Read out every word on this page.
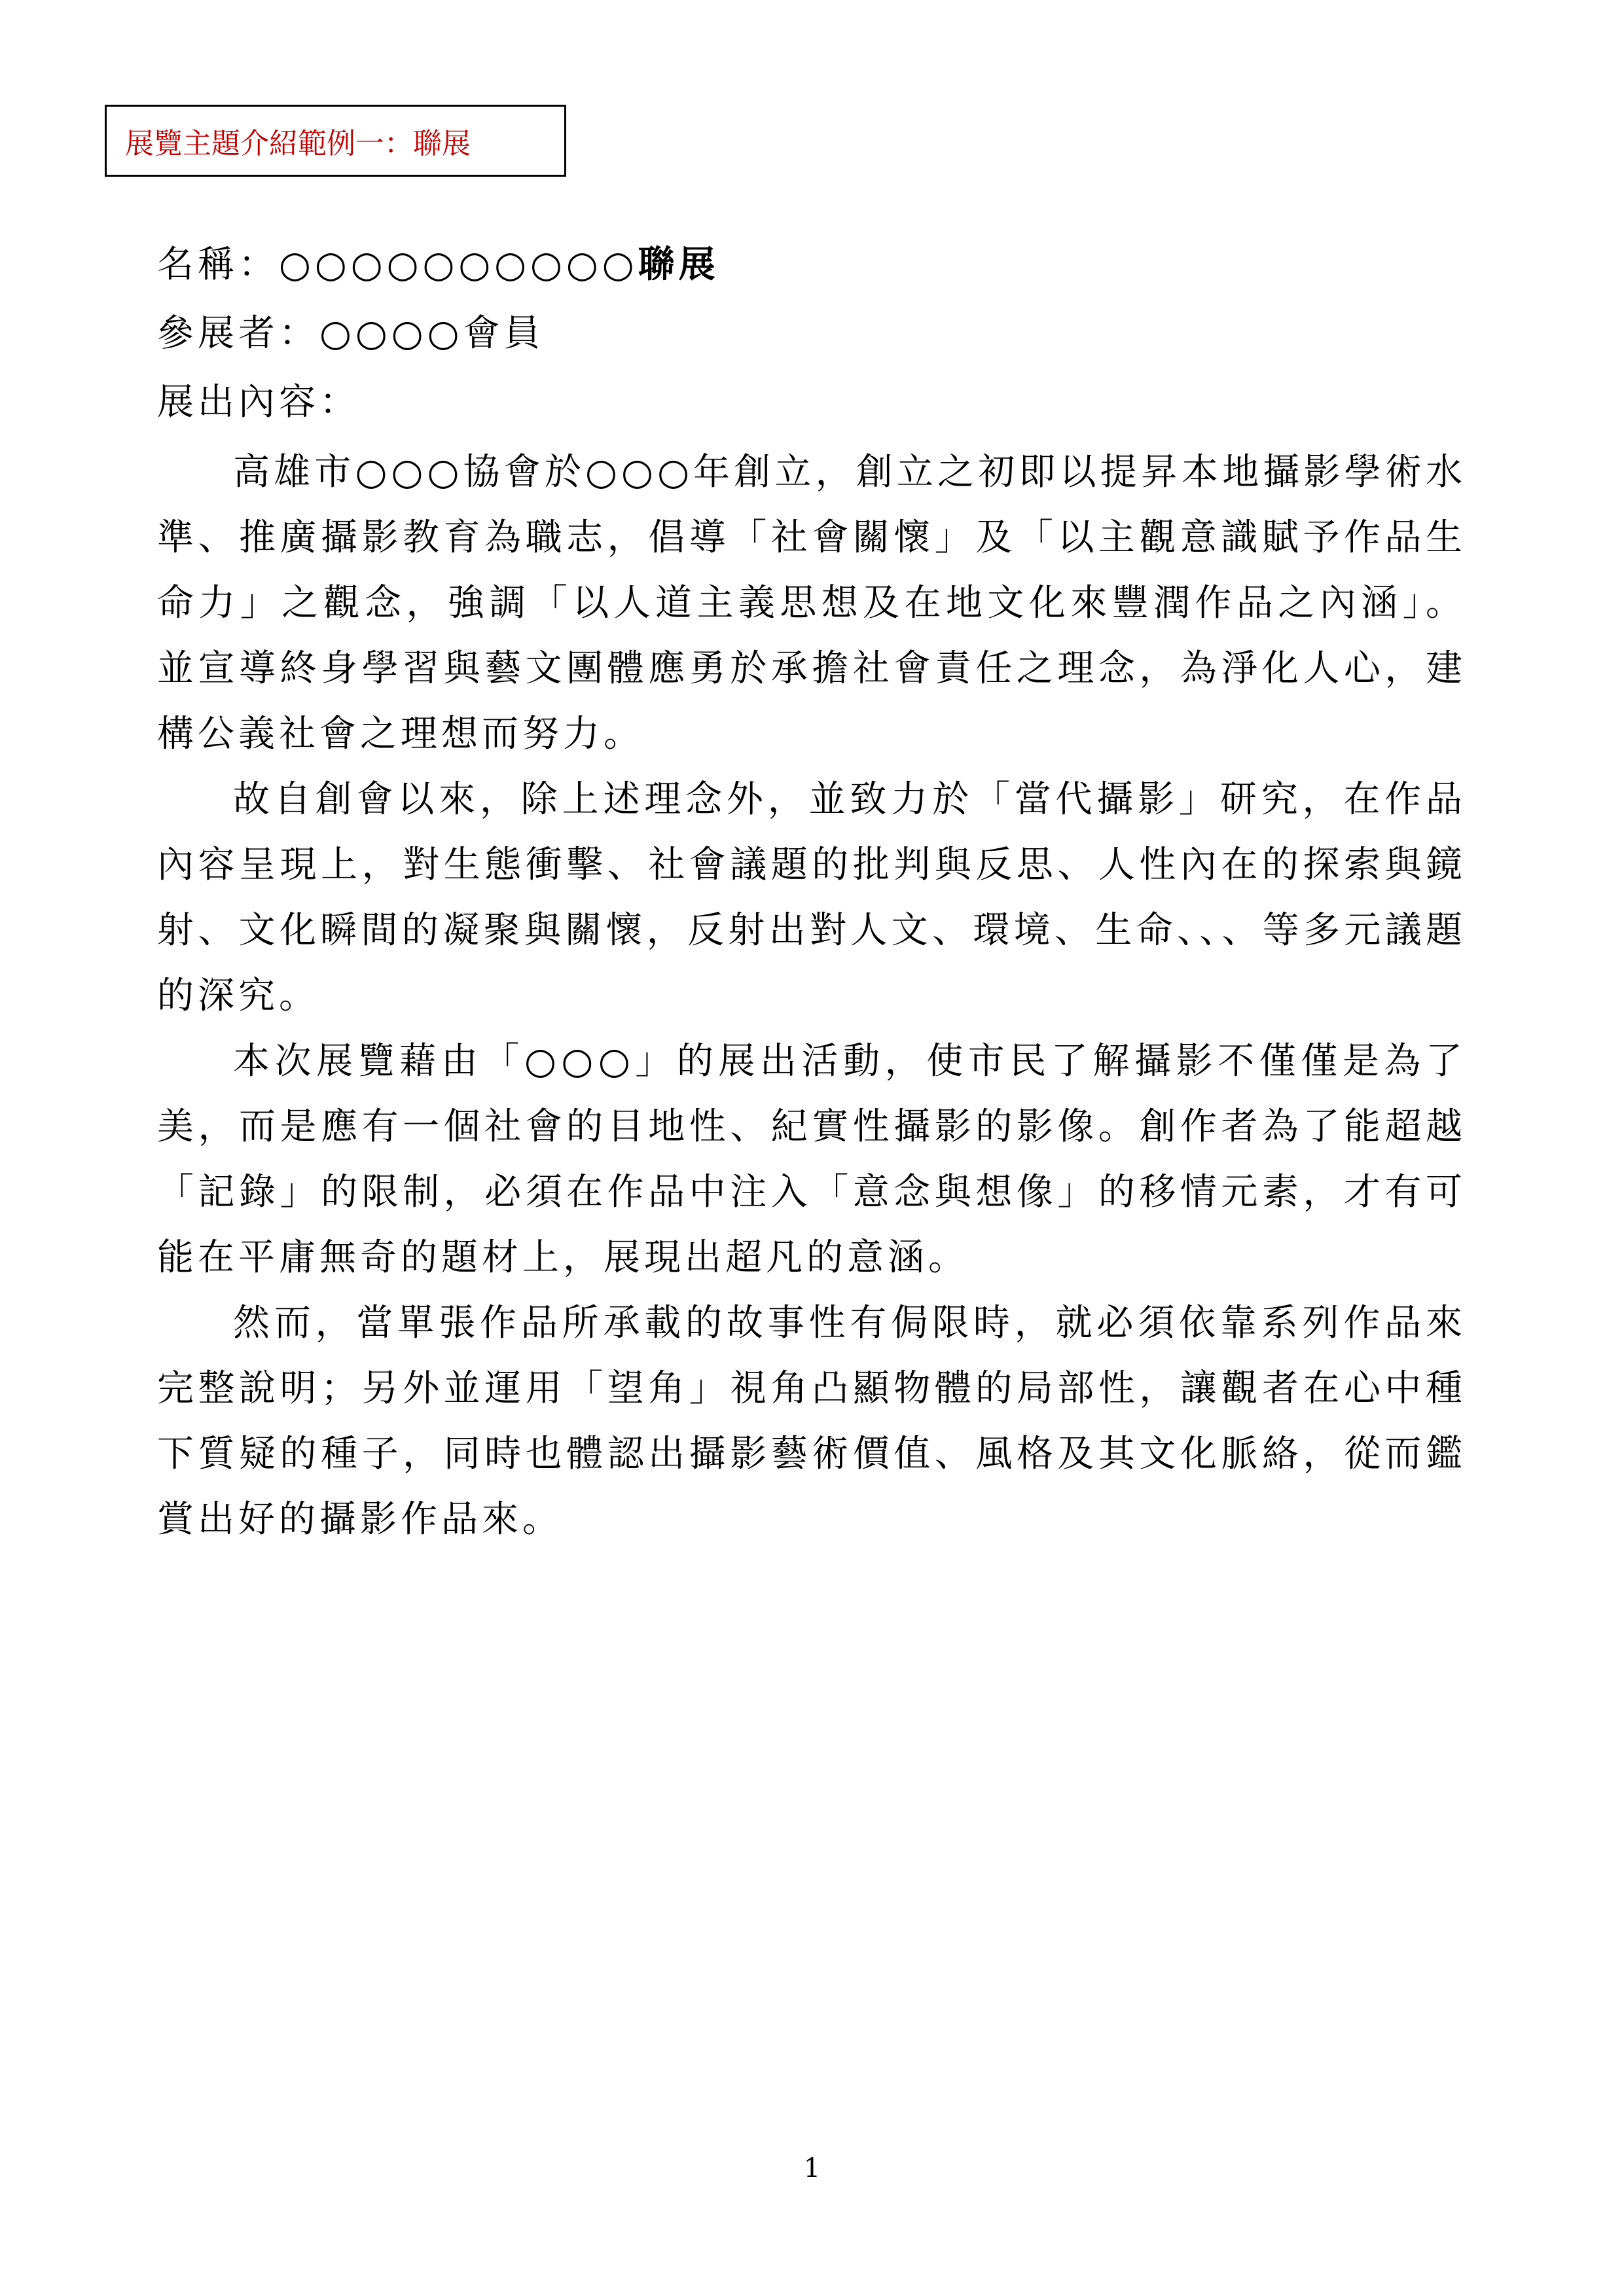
展覽主題介紹範例一：聯展
名稱：○○○○○○○○○○聯展
參展者：○○○○會員
展出內容：

高雄市○○○協會於○○○年創立，創立之初即以提昇本地攝影學術水準、推廣攝影教育為職志，倡導「社會關懷」及「以主觀意識賦予作品生命力」之觀念，強調「以人道主義思想及在地文化來豐潤作品之內涵」。並宣導終身學習與藝文團體應勇於承擔社會責任之理念，為淨化人心，建構公義社會之理想而努力。

故自創會以來，除上述理念外，並致力於「當代攝影」研究，在作品內容呈現上，對生態衝擊、社會議題的批判與反思、人性內在的探索與鏡射、文化瞬間的凝聚與關懷，反射出對人文、環境、生命、、、等多元議題的深究。

本次展覽藉由「○○○」的展出活動，使市民了解攝影不僅僅是為了美，而是應有一個社會的目地性、紀實性攝影的影像。創作者為了能超越「記錄」的限制，必須在作品中注入「意念與想像」的移情元素，才有可能在平庸無奇的題材上，展現出超凡的意涵。

然而，當單張作品所承載的故事性有侷限時，就必須依靠系列作品來完整說明；另外並運用「望角」視角凸顯物體的局部性，讓觀者在心中種下質疑的種子，同時也體認出攝影藝術價值、風格及其文化脈絡，從而鑑賞出好的攝影作品來。

1
